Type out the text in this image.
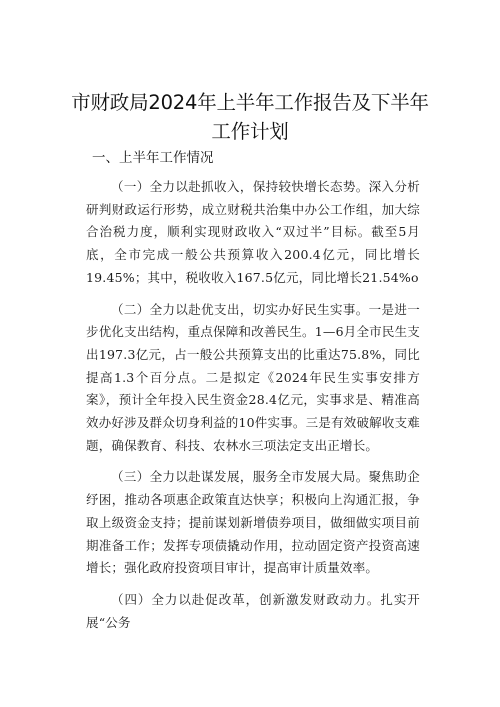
市财政局2024年上半年工作报告及下半年工作计划
一、上半年工作情况

（一）全力以赴抓收入，保持较快增长态势。深入分析研判财政运行形势，成立财税共治集中办公工作组，加大综合治税力度，顺利实现财政收入“双过半”目标。截至5月底，全市完成一般公共预算收入200.4亿元，同比增长19.45%；其中，税收收入167.5亿元，同比增长21.54%o

（二）全力以赴优支出，切实办好民生实事。一是进一步优化支出结构，重点保障和改善民生。1—6月全市民生支出197.3亿元，占一般公共预算支出的比重达75.8%，同比提高1.3个百分点。二是拟定《2024年民生实事安排方案》，预计全年投入民生资金28.4亿元，实事求是、精准高效办好涉及群众切身利益的10件实事。三是有效破解收支难题，确保教育、科技、农林水三项法定支出正增长。

（三）全力以赴谋发展，服务全市发展大局。聚焦助企纾困，推动各项惠企政策直达快享；积极向上沟通汇报，争取上级资金支持；提前谋划新增债券项目，做细做实项目前期准备工作；发挥专项债撬动作用，拉动固定资产投资高速增长；强化政府投资项目审计，提高审计质量效率。

（四）全力以赴促改革，创新激发财政动力。扎实开展“公务
